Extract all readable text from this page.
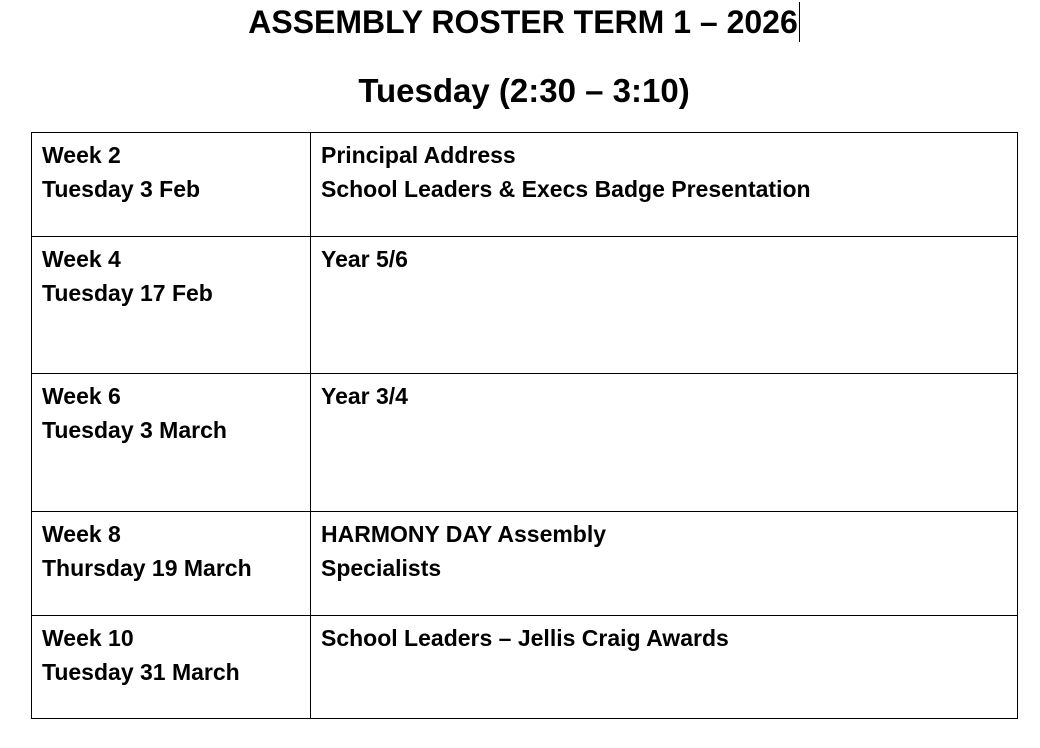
ASSEMBLY ROSTER TERM 1 – 2026
Tuesday (2:30 – 3:10)
Week 2
Tuesday 3 Feb	Principal Address
School Leaders & Execs Badge Presentation

Week 4
Tuesday 17 Feb	Year 5/6

Week 6
Tuesday 3 March	Year 3/4

Week 8
Thursday 19 March	HARMONY DAY Assembly
Specialists

Week 10
Tuesday 31 March	School Leaders – Jellis Craig Awards
